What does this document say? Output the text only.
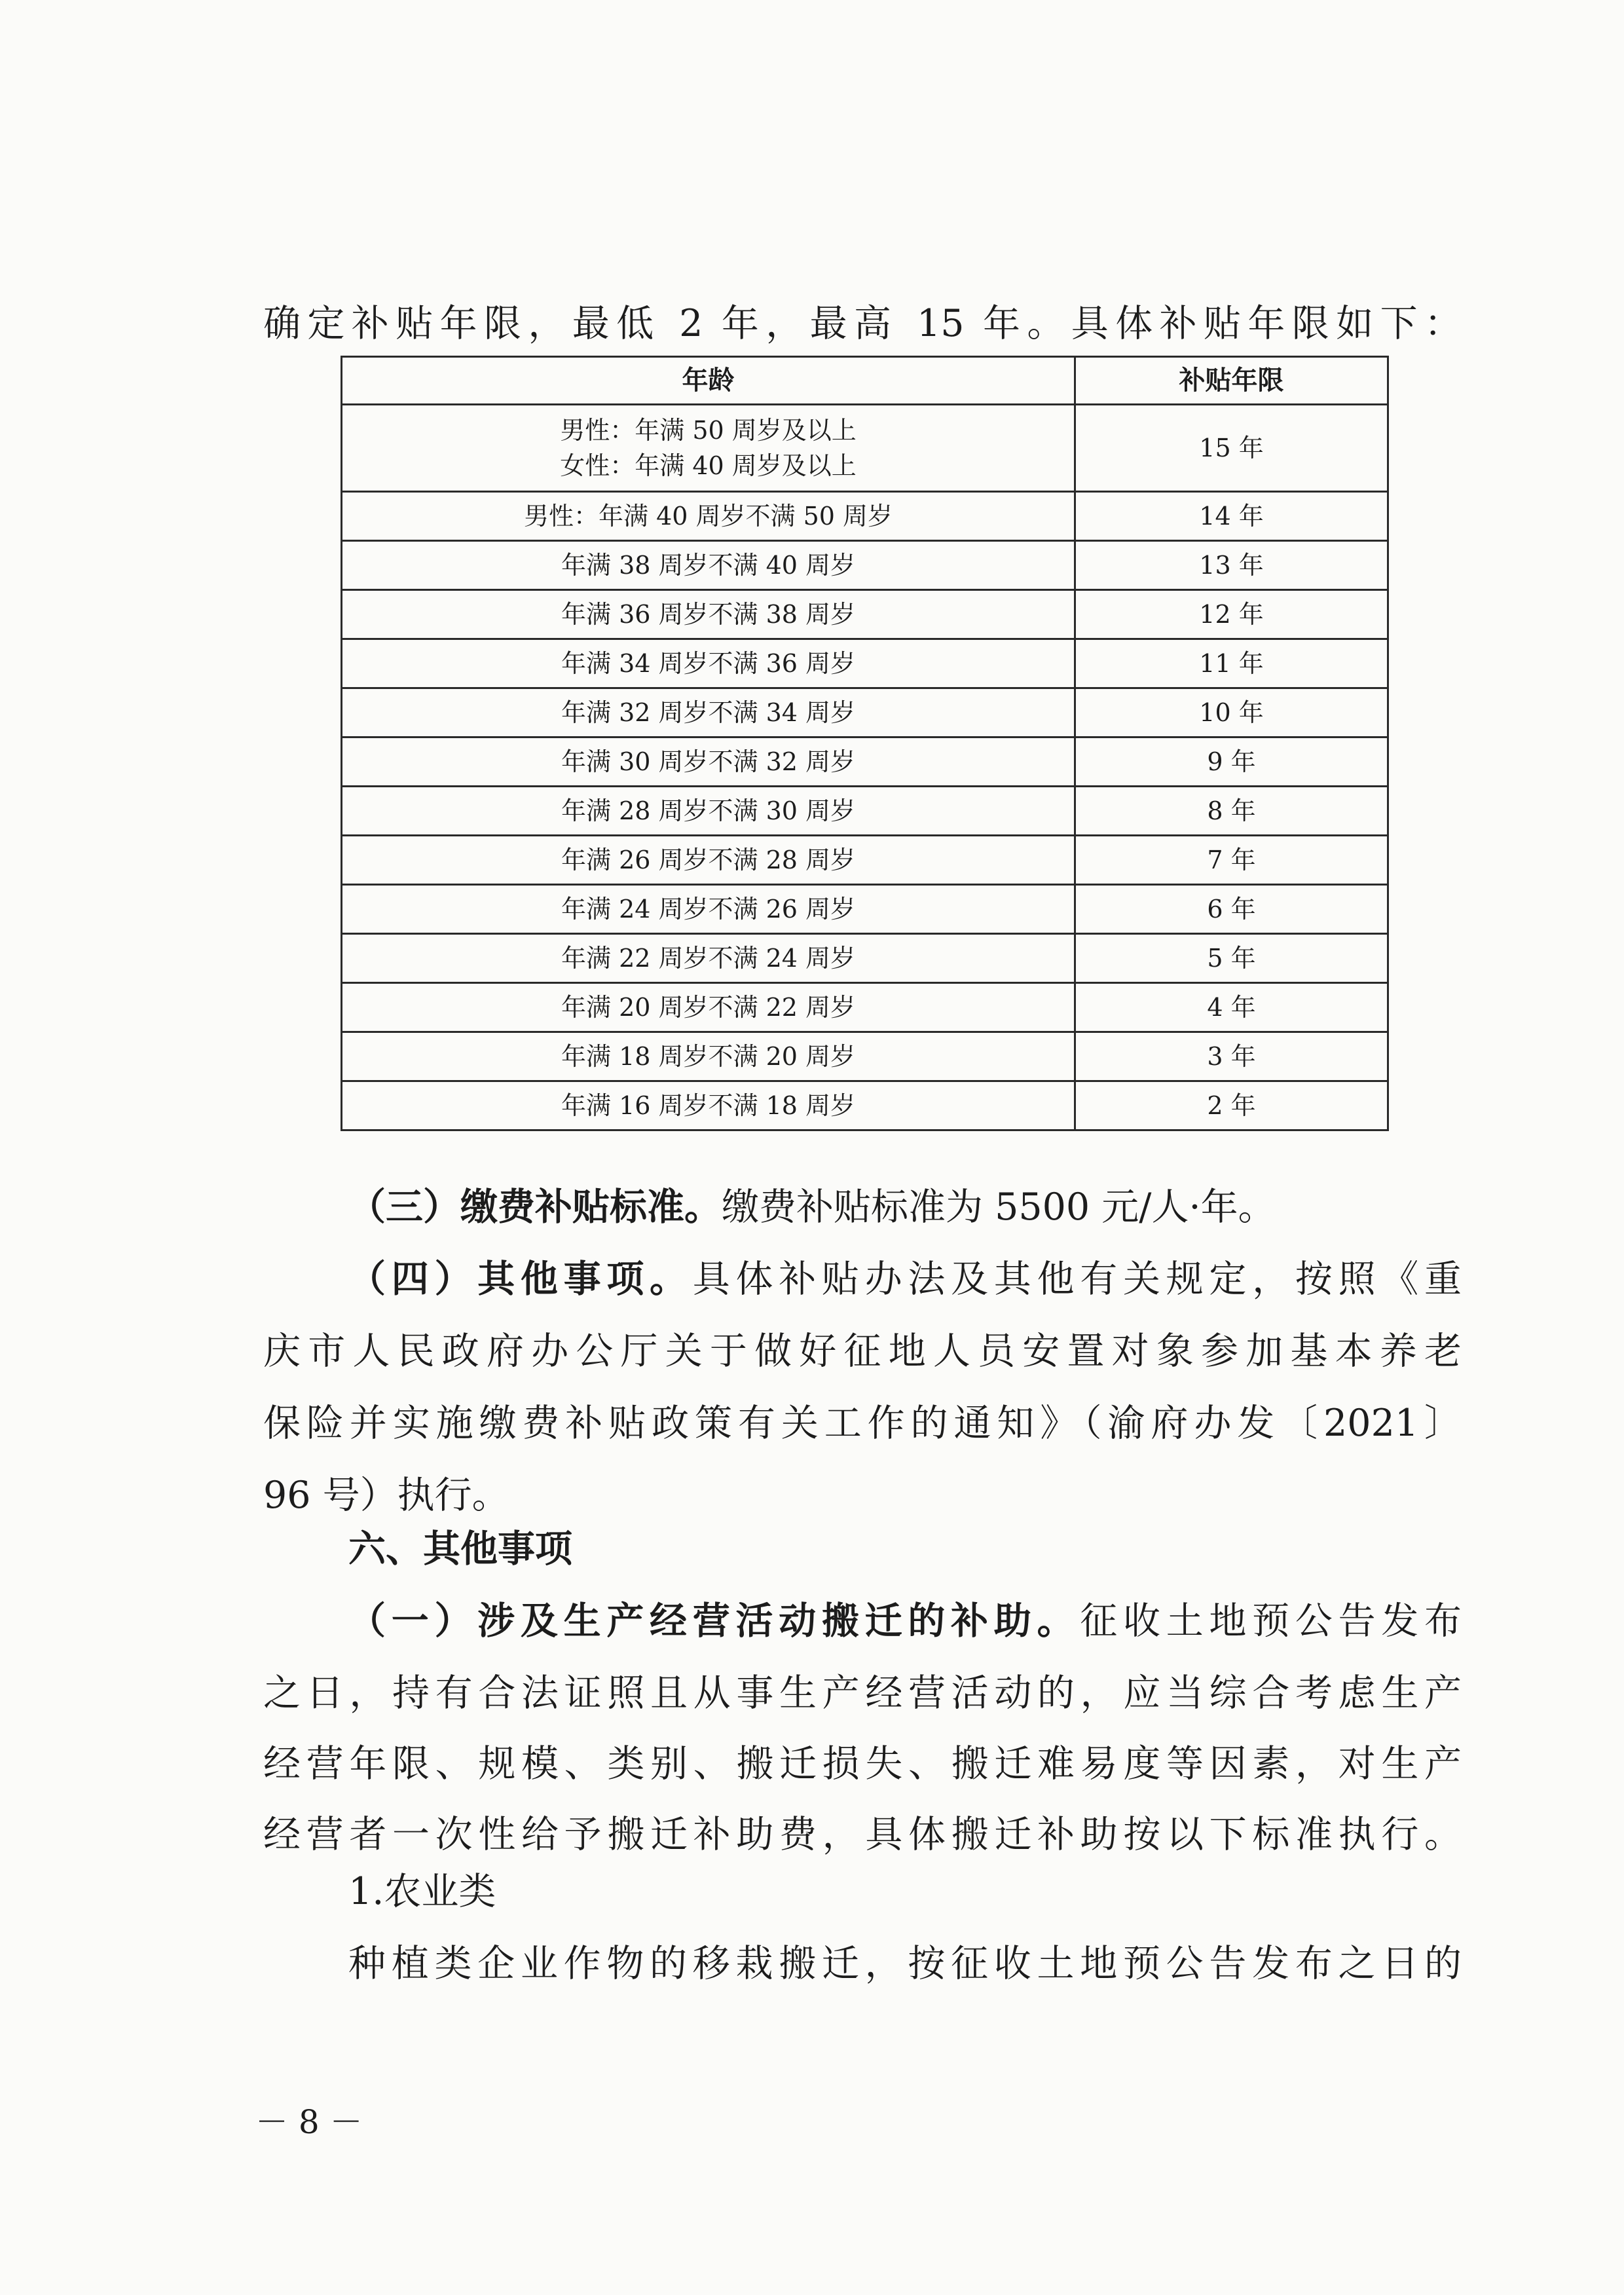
确定补贴年限，最低 2 年，最高 15 年。具体补贴年限如下：

年龄	补贴年限

男性：年满 50 周岁及以上
女性：年满 40 周岁及以上	15 年
男性：年满 40 周岁不满 50 周岁	14 年
年满 38 周岁不满 40 周岁	13 年
年满 36 周岁不满 38 周岁	12 年
年满 34 周岁不满 36 周岁	11 年
年满 32 周岁不满 34 周岁	10 年
年满 30 周岁不满 32 周岁	9 年
年满 28 周岁不满 30 周岁	8 年
年满 26 周岁不满 28 周岁	7 年
年满 24 周岁不满 26 周岁	6 年
年满 22 周岁不满 24 周岁	5 年
年满 20 周岁不满 22 周岁	4 年
年满 18 周岁不满 20 周岁	3 年
年满 16 周岁不满 18 周岁	2 年

（三）缴费补贴标准。缴费补贴标准为 5500 元/人·年。

（四）其他事项。具体补贴办法及其他有关规定，按照《重

庆市人民政府办公厅关于做好征地人员安置对象参加基本养老

保险并实施缴费补贴政策有关工作的通知》（渝府办发〔2021〕

96 号）执行。

六、其他事项

（一）涉及生产经营活动搬迁的补助。征收土地预公告发布

之日，持有合法证照且从事生产经营活动的，应当综合考虑生产

经营年限、规模、类别、搬迁损失、搬迁难易度等因素，对生产

经营者一次性给予搬迁补助费，具体搬迁补助按以下标准执行。

1.农业类

种植类企业作物的移栽搬迁，按征收土地预公告发布之日的

－ 8 －
